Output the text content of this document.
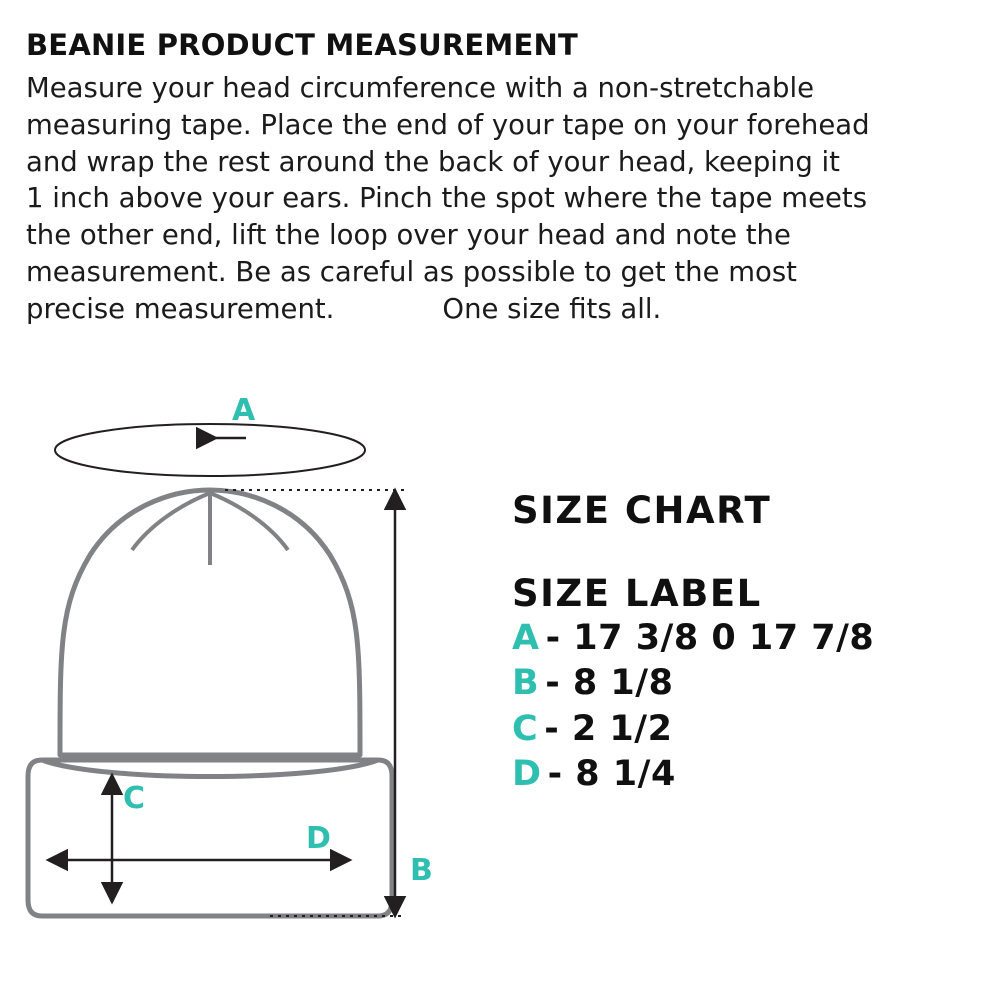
BEANIE PRODUCT MEASUREMENT

Measure your head circumference with a non-stretchable
measuring tape. Place the end of your tape on your forehead
and wrap the rest around the back of your head, keeping it
1 inch above your ears. Pinch the spot where the tape meets
the other end, lift the loop over your head and note the
measurement. Be as careful as possible to get the most
precise measurement.	One size fits all.

A
B
C
D
SIZE CHART
SIZE LABEL
A - 17 3/8 0 17 7/8
B - 8 1/8
C - 2 1/2
D - 8 1/4
